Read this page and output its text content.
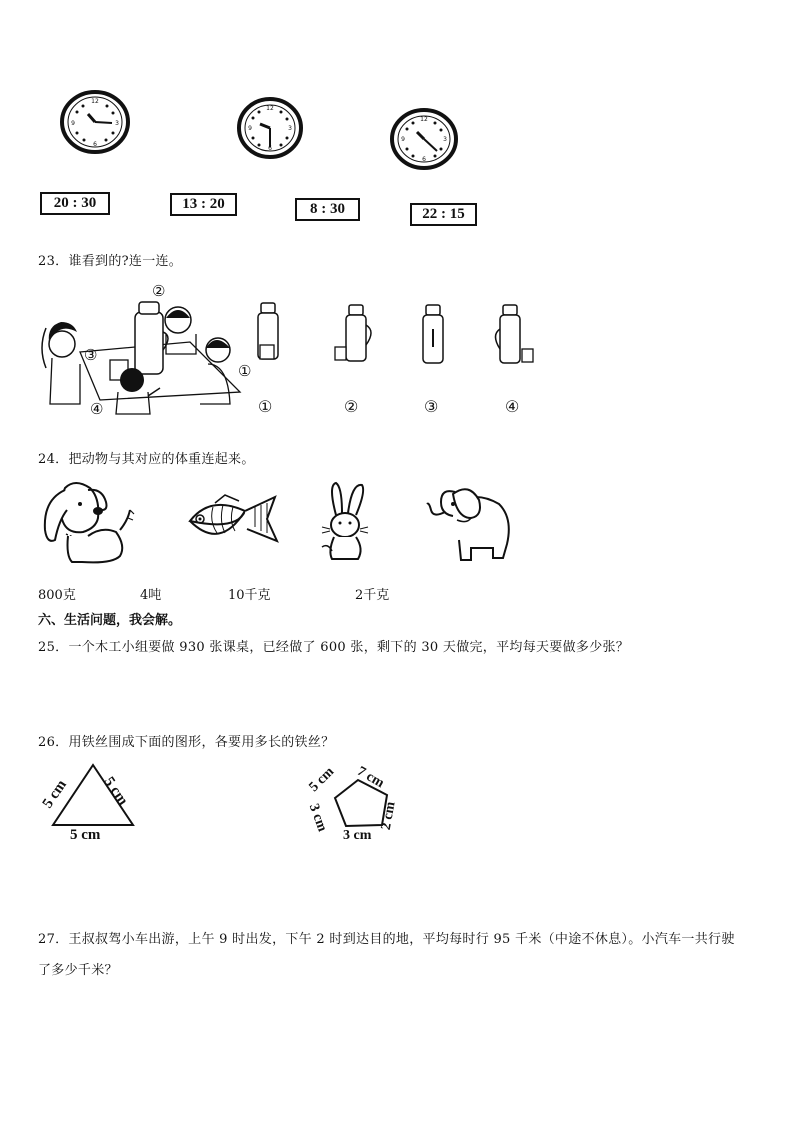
12
3
6
9
12
3
6
9
12
3
6
9
20 : 30	13 : 20	8 : 30	22 : 15
23．谁看到的?连一连。
②
③
①
④	①	②	③	④
24．把动物与其对应的体重连起来。
800克	4吨	10千克	2千克
六、生活问题，我会解。
25．一个木工小组要做 930 张课桌，已经做了 600 张，剩下的 30 天做完，平均每天要做多少张？
26．用铁丝围成下面的图形，各要用多长的铁丝？
5 cm 5 cm
5 cm
5 cm 7 cm
2 cm
3 cm
3 cm
27．王叔叔驾小车出游，上午 9 时出发，下午 2 时到达目的地，平均每时行 95 千米（中途不休息）。小汽车一共行驶
了多少千米？
